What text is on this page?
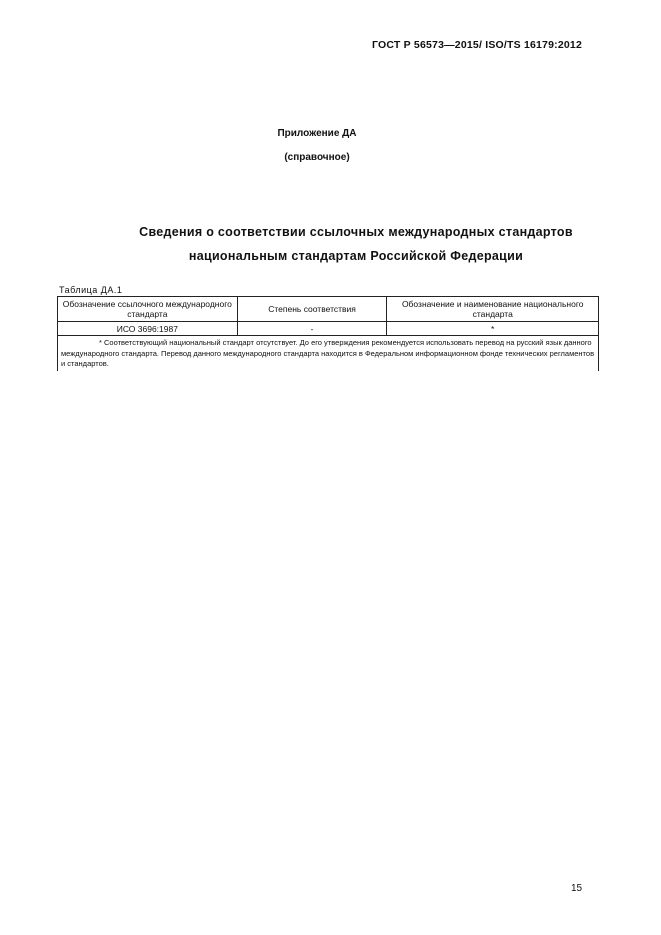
ГОСТ Р 56573—2015/ ISO/TS 16179:2012
Приложение ДА
(справочное)
Сведения о соответствии ссылочных международных стандартов
национальным стандартам Российской Федерации
Таблица ДА.1
Обозначение ссылочного международного стандарта	Степень соответствия	Обозначение и наименование национального стандарта
ИСО 3696:1987	-	*
* Соответствующий национальный стандарт отсутствует. До его утверждения рекомендуется использовать перевод на русский язык данного международного стандарта. Перевод данного международного стандарта находится в Федеральном информационном фонде технических регламентов и стандартов.		
15
